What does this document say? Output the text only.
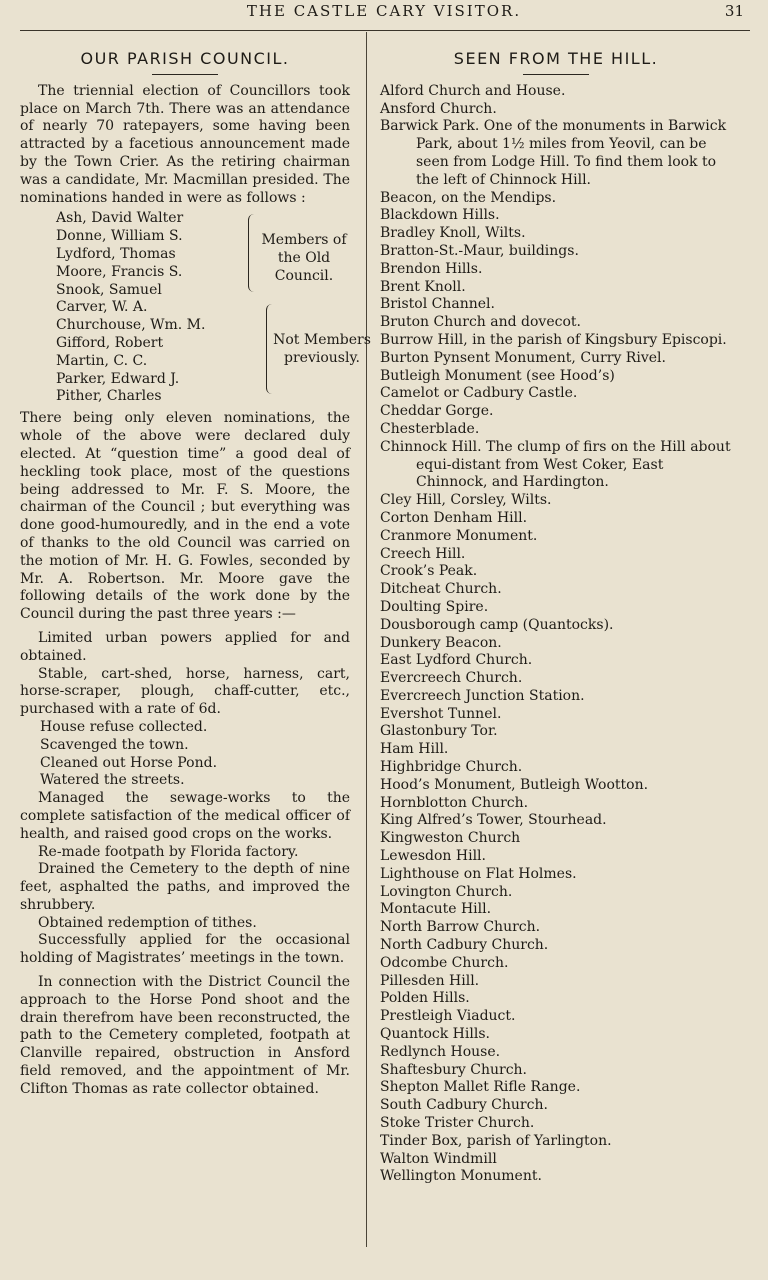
THE CASTLE CARY VISITOR.	31
OUR PARISH COUNCIL.

The triennial election of Councillors took place on March 7th. There was an attendance of nearly 70 ratepayers, some having been attracted by a facetious announcement made by the Town Crier. As the retiring chairman was a candidate, Mr. Macmillan presided. The nominations handed in were as follows :

Ash, David Walter
Donne, William S.
Lydford, Thomas
Moore, Francis S.
Snook, Samuel
Carver, W. A.
Churchouse, Wm. M.
Gifford, Robert
Martin, C. C.
Parker, Edward J.
Pither, Charles
Members of the Old Council.
Not Members previously.

There being only eleven nominations, the whole of the above were declared duly elected. At “question time” a good deal of heckling took place, most of the questions being addressed to Mr. F. S. Moore, the chairman of the Council ; but everything was done good-humouredly, and in the end a vote of thanks to the old Council was carried on the motion of Mr. H. G. Fowles, seconded by Mr. A. Robertson. Mr. Moore gave the following details of the work done by the Council during the past three years :—

Limited urban powers applied for and obtained.

Stable, cart-shed, horse, harness, cart, horse-scraper, plough, chaff-cutter, etc., purchased with a rate of 6d.

House refuse collected.

Scavenged the town.

Cleaned out Horse Pond.

Watered the streets.

Managed the sewage-works to the complete satisfaction of the medical officer of health, and raised good crops on the works.

Re-made footpath by Florida factory.

Drained the Cemetery to the depth of nine feet, asphalted the paths, and improved the shrubbery.

Obtained redemption of tithes.

Successfully applied for the occasional holding of Magistrates’ meetings in the town.

In connection with the District Council the approach to the Horse Pond shoot and the drain therefrom have been reconstructed, the path to the Cemetery completed, footpath at Clanville repaired, obstruction in Ansford field removed, and the appointment of Mr. Clifton Thomas as rate collector obtained.

SEEN FROM THE HILL.
Alford Church and House.
Ansford Church.
Barwick Park. One of the monuments in Barwick Park, about 1½ miles from Yeovil, can be seen from Lodge Hill. To find them look to the left of Chinnock Hill.
Beacon, on the Mendips.
Blackdown Hills.
Bradley Knoll, Wilts.
Bratton-St.-Maur, buildings.
Brendon Hills.
Brent Knoll.
Bristol Channel.
Bruton Church and dovecot.
Burrow Hill, in the parish of Kingsbury Episcopi.
Burton Pynsent Monument, Curry Rivel.
Butleigh Monument (see Hood’s)
Camelot or Cadbury Castle.
Cheddar Gorge.
Chesterblade.
Chinnock Hill. The clump of firs on the Hill about equi-distant from West Coker, East Chinnock, and Hardington.
Cley Hill, Corsley, Wilts.
Corton Denham Hill.
Cranmore Monument.
Creech Hill.
Crook’s Peak.
Ditcheat Church.
Doulting Spire.
Dousborough camp (Quantocks).
Dunkery Beacon.
East Lydford Church.
Evercreech Church.
Evercreech Junction Station.
Evershot Tunnel.
Glastonbury Tor.
Ham Hill.
Highbridge Church.
Hood’s Monument, Butleigh Wootton.
Hornblotton Church.
King Alfred’s Tower, Stourhead.
Kingweston Church
Lewesdon Hill.
Lighthouse on Flat Holmes.
Lovington Church.
Montacute Hill.
North Barrow Church.
North Cadbury Church.
Odcombe Church.
Pillesden Hill.
Polden Hills.
Prestleigh Viaduct.
Quantock Hills.
Redlynch House.
Shaftesbury Church.
Shepton Mallet Rifle Range.
South Cadbury Church.
Stoke Trister Church.
Tinder Box, parish of Yarlington.
Walton Windmill
Wellington Monument.
